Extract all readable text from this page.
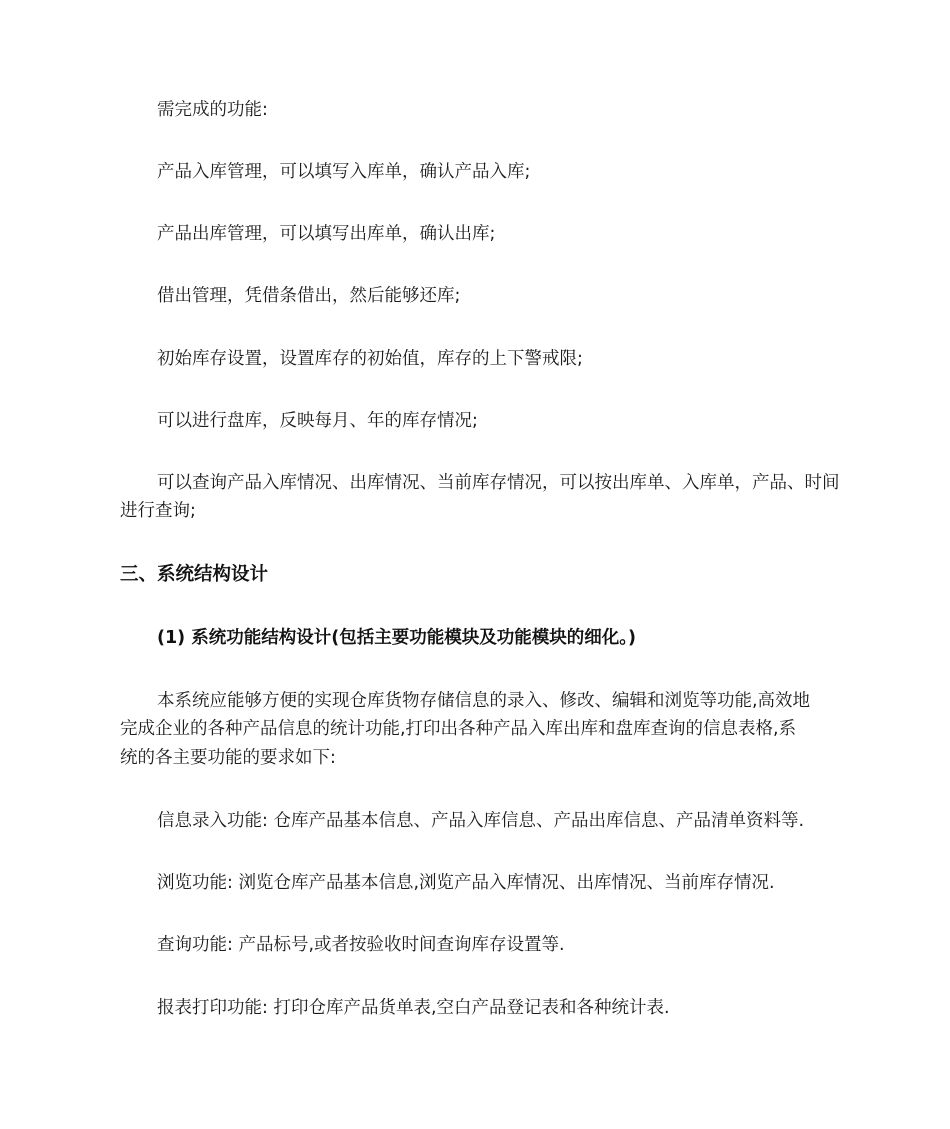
需完成的功能:
产品入库管理，可以填写入库单，确认产品入库;
产品出库管理，可以填写出库单，确认出库;
借出管理，凭借条借出，然后能够还库;
初始库存设置，设置库存的初始值，库存的上下警戒限;
可以进行盘库，反映每月、年的库存情况;
可以查询产品入库情况、出库情况、当前库存情况，可以按出库单、入库单，产品、时间
进行查询;
三、系统结构设计
(1) 系统功能结构设计(包括主要功能模块及功能模块的细化。)
本系统应能够方便的实现仓库货物存储信息的录入、修改、编辑和浏览等功能,高效地
完成企业的各种产品信息的统计功能,打印出各种产品入库出库和盘库查询的信息表格,系
统的各主要功能的要求如下:
信息录入功能: 仓库产品基本信息、产品入库信息、产品出库信息、产品清单资料等.
浏览功能: 浏览仓库产品基本信息,浏览产品入库情况、出库情况、当前库存情况.
查询功能: 产品标号,或者按验收时间查询库存设置等.
报表打印功能: 打印仓库产品货单表,空白产品登记表和各种统计表.
